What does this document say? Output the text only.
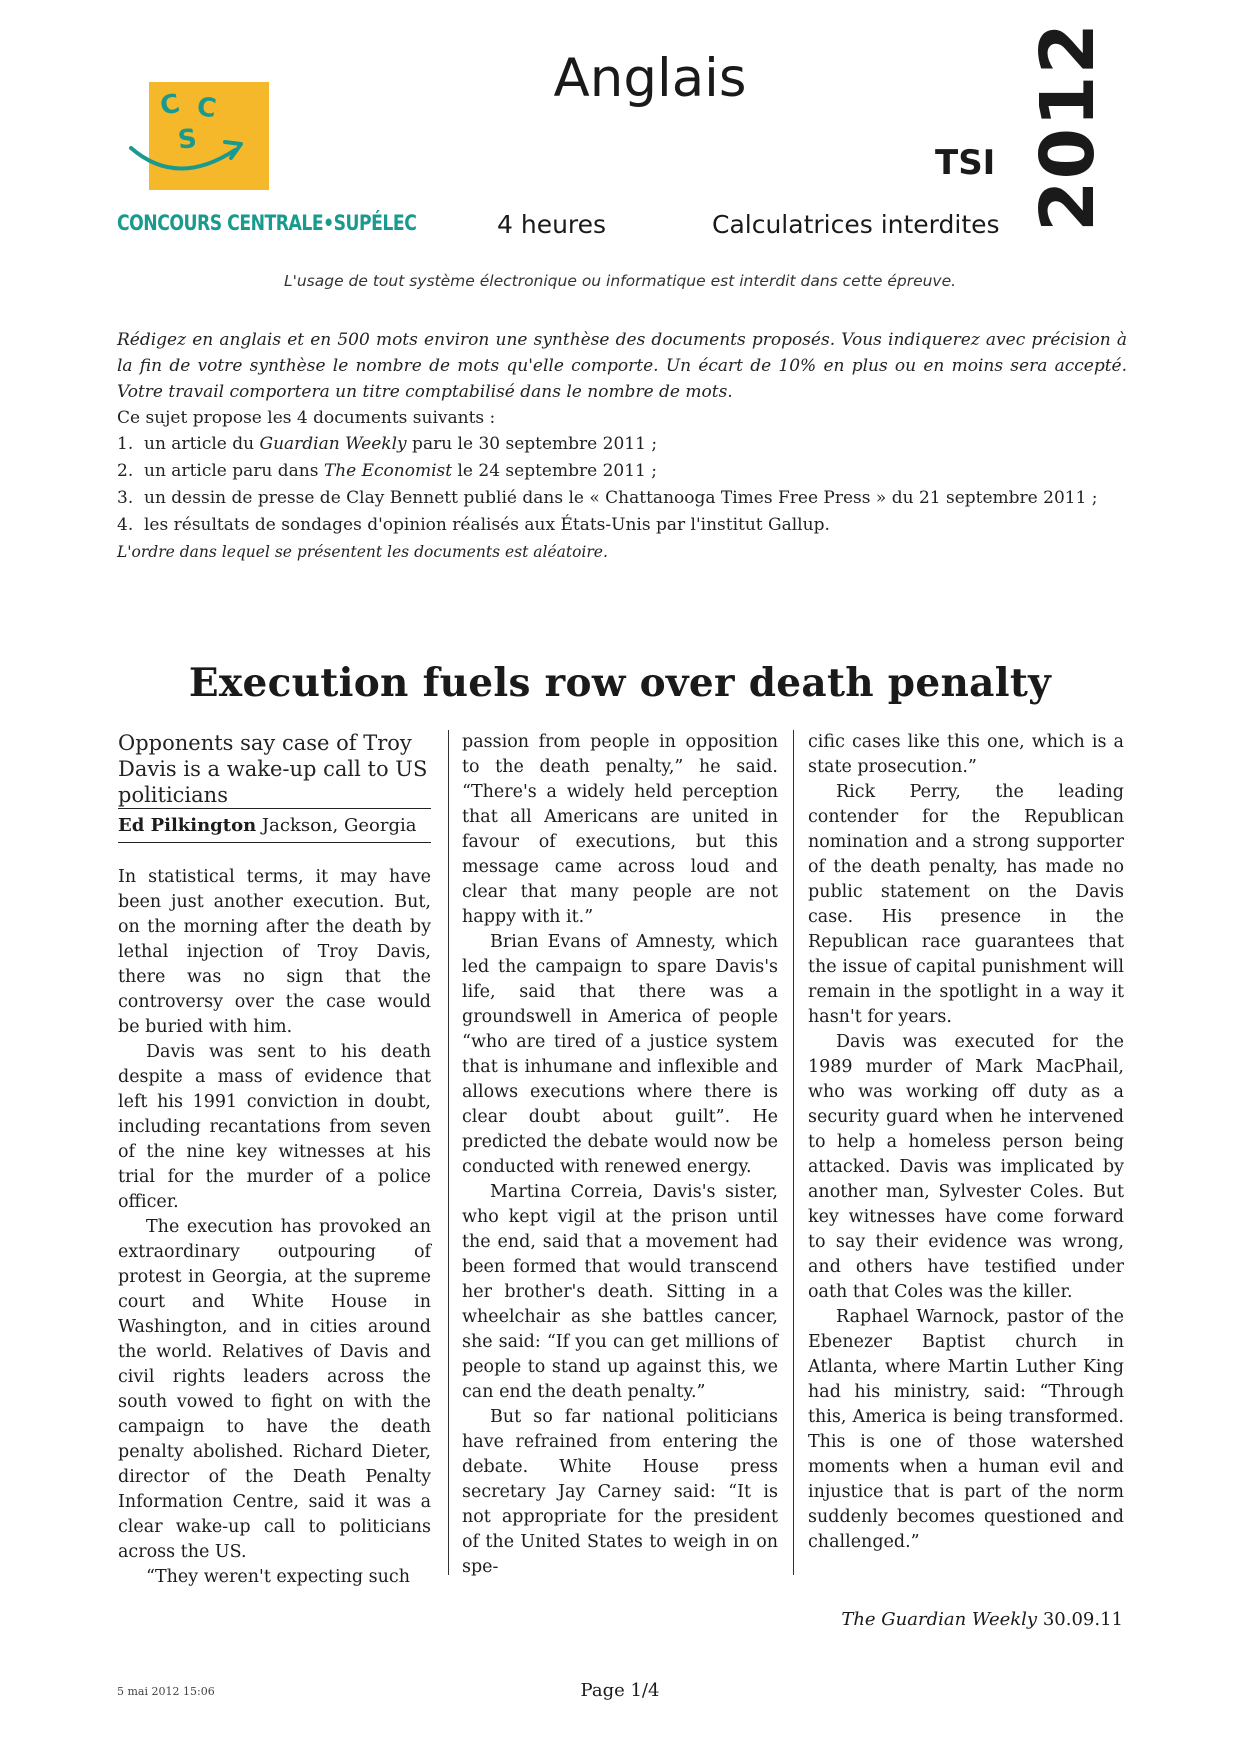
C C
S
CONCOURS CENTRALE•SUPÉLEC
Anglais
TSI 2012
4 heures	Calculatrices interdites
L'usage de tout système électronique ou informatique est interdit dans cette épreuve.

Rédigez en anglais et en 500 mots environ une synthèse des documents proposés. Vous indiquerez avec précision à la fin de votre synthèse le nombre de mots qu'elle comporte. Un écart de 10% en plus ou en moins sera accepté. Votre travail comportera un titre comptabilisé dans le nombre de mots.

Ce sujet propose les 4 documents suivants :

1. un article du Guardian Weekly paru le 30 septembre 2011 ;
2. un article paru dans The Economist le 24 septembre 2011 ;
3. un dessin de presse de Clay Bennett publié dans le « Chattanooga Times Free Press » du 21 septembre 2011 ;
4. les résultats de sondages d'opinion réalisés aux États-Unis par l'institut Gallup.

L'ordre dans lequel se présentent les documents est aléatoire.

Execution fuels row over death penalty

Opponents say case of Troy Davis is a wake-up call to US politicians

Ed Pilkington Jackson, Georgia

In statistical terms, it may have been just another execution. But, on the morning after the death by lethal injection of Troy Davis, there was no sign that the controversy over the case would be buried with him.

Davis was sent to his death despite a mass of evidence that left his 1991 conviction in doubt, including recantations from seven of the nine key witnesses at his trial for the murder of a police officer.

The execution has provoked an extraordinary outpouring of protest in Georgia, at the supreme court and White House in Washington, and in cities around the world. Relatives of Davis and civil rights leaders across the south vowed to fight on with the campaign to have the death penalty abolished. Richard Dieter, director of the Death Penalty Information Centre, said it was a clear wake-up call to politicians across the US.

“They weren't expecting such

passion from people in opposition to the death penalty,” he said. “There's a widely held perception that all Americans are united in favour of executions, but this message came across loud and clear that many people are not happy with it.”

Brian Evans of Amnesty, which led the campaign to spare Davis's life, said that there was a groundswell in America of people “who are tired of a justice system that is inhumane and inflexible and allows executions where there is clear doubt about guilt”. He predicted the debate would now be conducted with renewed energy.

Martina Correia, Davis's sister, who kept vigil at the prison until the end, said that a movement had been formed that would transcend her brother's death. Sitting in a wheelchair as she battles cancer, she said: “If you can get millions of people to stand up against this, we can end the death penalty.”

But so far national politicians have refrained from entering the debate. White House press secretary Jay Carney said: “It is not appropriate for the president of the United States to weigh in on spe-

cific cases like this one, which is a state prosecution.”

Rick Perry, the leading contender for the Republican nomination and a strong supporter of the death penalty, has made no public statement on the Davis case. His presence in the Republican race guarantees that the issue of capital punishment will remain in the spotlight in a way it hasn't for years.

Davis was executed for the 1989 murder of Mark MacPhail, who was working off duty as a security guard when he intervened to help a homeless person being attacked. Davis was implicated by another man, Sylvester Coles. But key witnesses have come forward to say their evidence was wrong, and others have testified under oath that Coles was the killer.

Raphael Warnock, pastor of the Ebenezer Baptist church in Atlanta, where Martin Luther King had his ministry, said: “Through this, America is being transformed. This is one of those watershed moments when a human evil and injustice that is part of the norm suddenly becomes questioned and challenged.”

The Guardian Weekly 30.09.11
5 mai 2012 15:06	Page 1/4
